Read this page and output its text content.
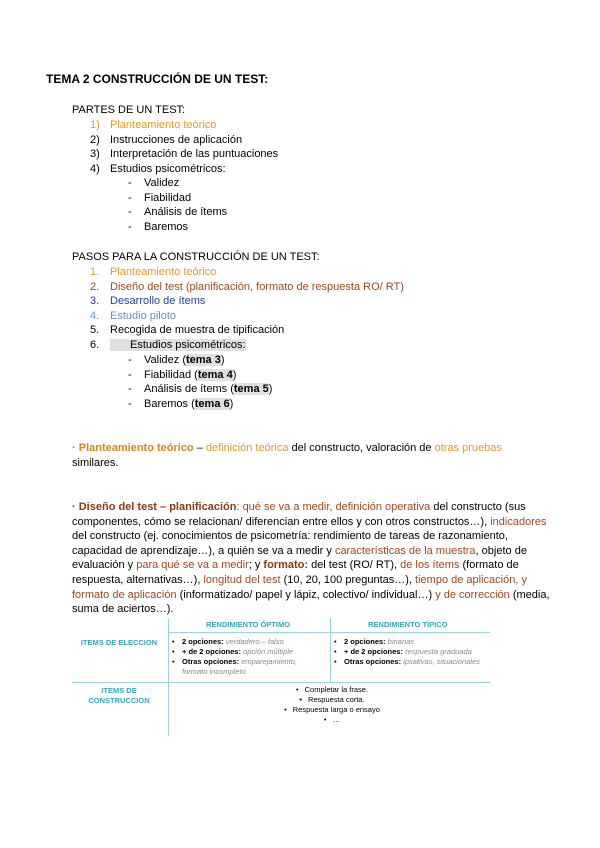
TEMA 2 CONSTRUCCIÓN DE UN TEST:
PARTES DE UN TEST:
1) Planteamiento teórico
2) Instrucciones de aplicación
3) Interpretación de las puntuaciones
4) Estudios psicométricos:
- Validez
- Fiabilidad
- Análisis de ítems
- Baremos
PASOS PARA LA CONSTRUCCIÓN DE UN TEST:
1. Planteamiento teórico
2. Diseño del test (planificación, formato de respuesta RO/ RT)
3. Desarrollo de ítems
4. Estudio piloto
5. Recogida de muestra de tipificación
6.	Estudios psicométricos:
- Validez (tema 3)
- Fiabilidad (tema 4)
- Análisis de ítems (tema 5)
- Baremos (tema 6)
· Planteamiento teórico – definición teórica del constructo, valoración de otras pruebas similares.
· Diseño del test – planificación: qué se va a medir, definición operativa del constructo (sus componentes, cómo se relacionan/ diferencian entre ellos y con otros constructos…), indicadores del constructo (ej. conocimientos de psicometría: rendimiento de tareas de razonamiento, capacidad de aprendizaje…), a quién se va a medir y características de la muestra, objeto de evaluación y para qué se va a medir; y formato: del test (RO/ RT), de los ítems (formato de respuesta, alternativas…), longitud del test (10, 20, 100 preguntas…), tiempo de aplicación, y formato de aplicación (informatizado/ papel y lápiz, colectivo/ individual…) y de corrección (media, suma de aciertos…).
RENDIMIENTO ÓPTIMO	RENDIMIENTO TÍPICO
ITEMS DE ELECCION
ITEMS DE
CONSTRUCCION
• 2 opciones: verdadero – falso
• + de 2 opciones: opción múltiple
• Otras opciones: emparejamiento,
formato incompleto
• 2 opciones: binarias
• + de 2 opciones: respuesta graduada
• Otras opciones: ipsativas, situacionales
• Completar la frase.
• Respuesta corta.
• Respuesta larga o ensayo
• …
